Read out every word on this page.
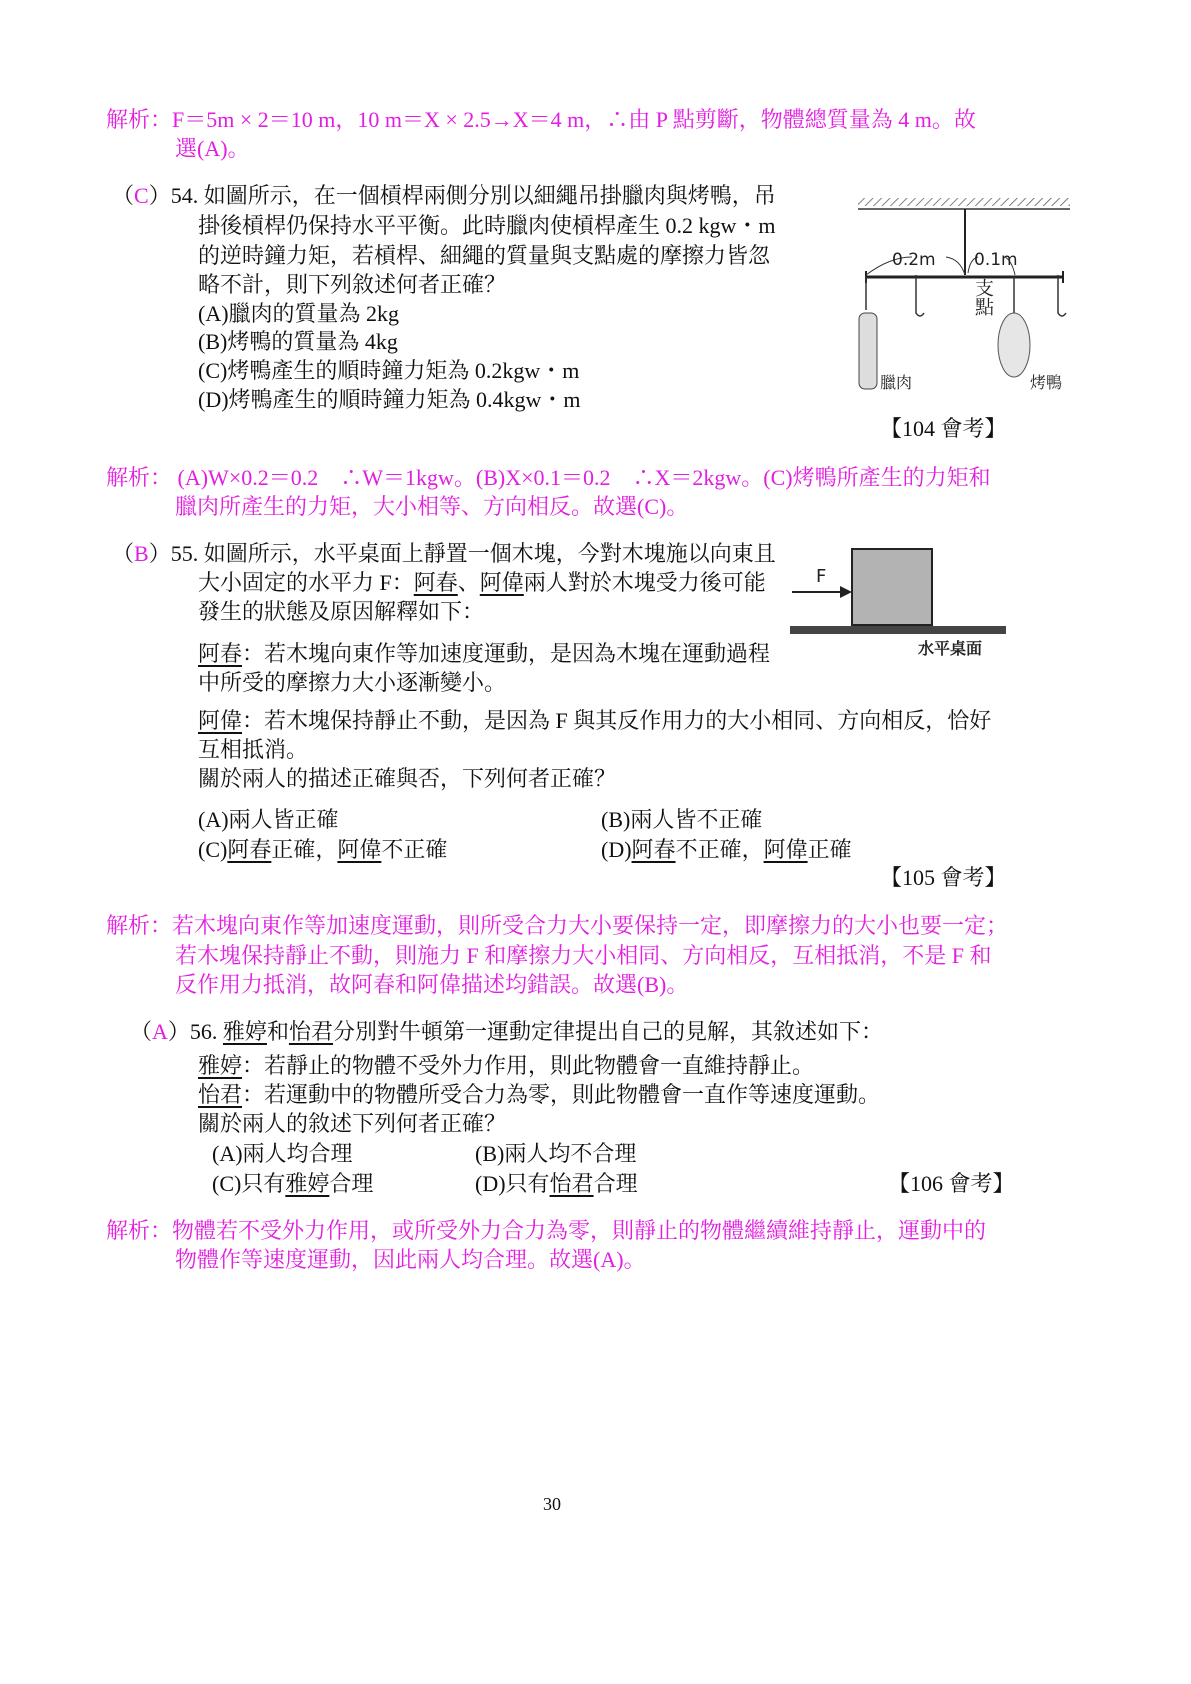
解析：F＝5m × 2＝10 m，10 m＝X × 2.5→X＝4 m，∴由 P 點剪斷，物體總質量為 4 m。故
選(A)。
（C）54. 如圖所示，在一個槓桿兩側分別以細繩吊掛臘肉與烤鴨，吊
掛後槓桿仍保持水平平衡。此時臘肉使槓桿產生 0.2 kgw・m
的逆時鐘力矩，若槓桿、細繩的質量與支點處的摩擦力皆忽
略不計，則下列敘述何者正確？
(A)臘肉的質量為 2kg
(B)烤鴨的質量為 4kg
(C)烤鴨產生的順時鐘力矩為 0.2kgw・m
(D)烤鴨產生的順時鐘力矩為 0.4kgw・m
【104 會考】
0.2m 0.1m
支點
臘肉	烤鴨
解析： (A)W×0.2＝0.2　∴W＝1kgw。(B)X×0.1＝0.2　∴X＝2kgw。(C)烤鴨所產生的力矩和
臘肉所產生的力矩，大小相等、方向相反。故選(C)。
（B）55. 如圖所示，水平桌面上靜置一個木塊，今對木塊施以向東且
大小固定的水平力 F：阿春、阿偉兩人對於木塊受力後可能
發生的狀態及原因解釋如下：
阿春：若木塊向東作等加速度運動，是因為木塊在運動過程
中所受的摩擦力大小逐漸變小。
阿偉：若木塊保持靜止不動，是因為 F 與其反作用力的大小相同、方向相反，恰好
互相抵消。
關於兩人的描述正確與否，下列何者正確？
(A)兩人皆正確	(B)兩人皆不正確
(C)阿春正確，阿偉不正確	(D)阿春不正確，阿偉正確
【105 會考】
F
水平桌面
解析：若木塊向東作等加速度運動，則所受合力大小要保持一定，即摩擦力的大小也要一定；
若木塊保持靜止不動，則施力 F 和摩擦力大小相同、方向相反，互相抵消，不是 F 和
反作用力抵消，故阿春和阿偉描述均錯誤。故選(B)。
（A）56. 雅婷和怡君分別對牛頓第一運動定律提出自己的見解，其敘述如下：
雅婷：若靜止的物體不受外力作用，則此物體會一直維持靜止。
怡君：若運動中的物體所受合力為零，則此物體會一直作等速度運動。
關於兩人的敘述下列何者正確？
(A)兩人均合理	(B)兩人均不合理
(C)只有雅婷合理	(D)只有怡君合理	【106 會考】
解析：物體若不受外力作用，或所受外力合力為零，則靜止的物體繼續維持靜止，運動中的
物體作等速度運動，因此兩人均合理。故選(A)。
30
